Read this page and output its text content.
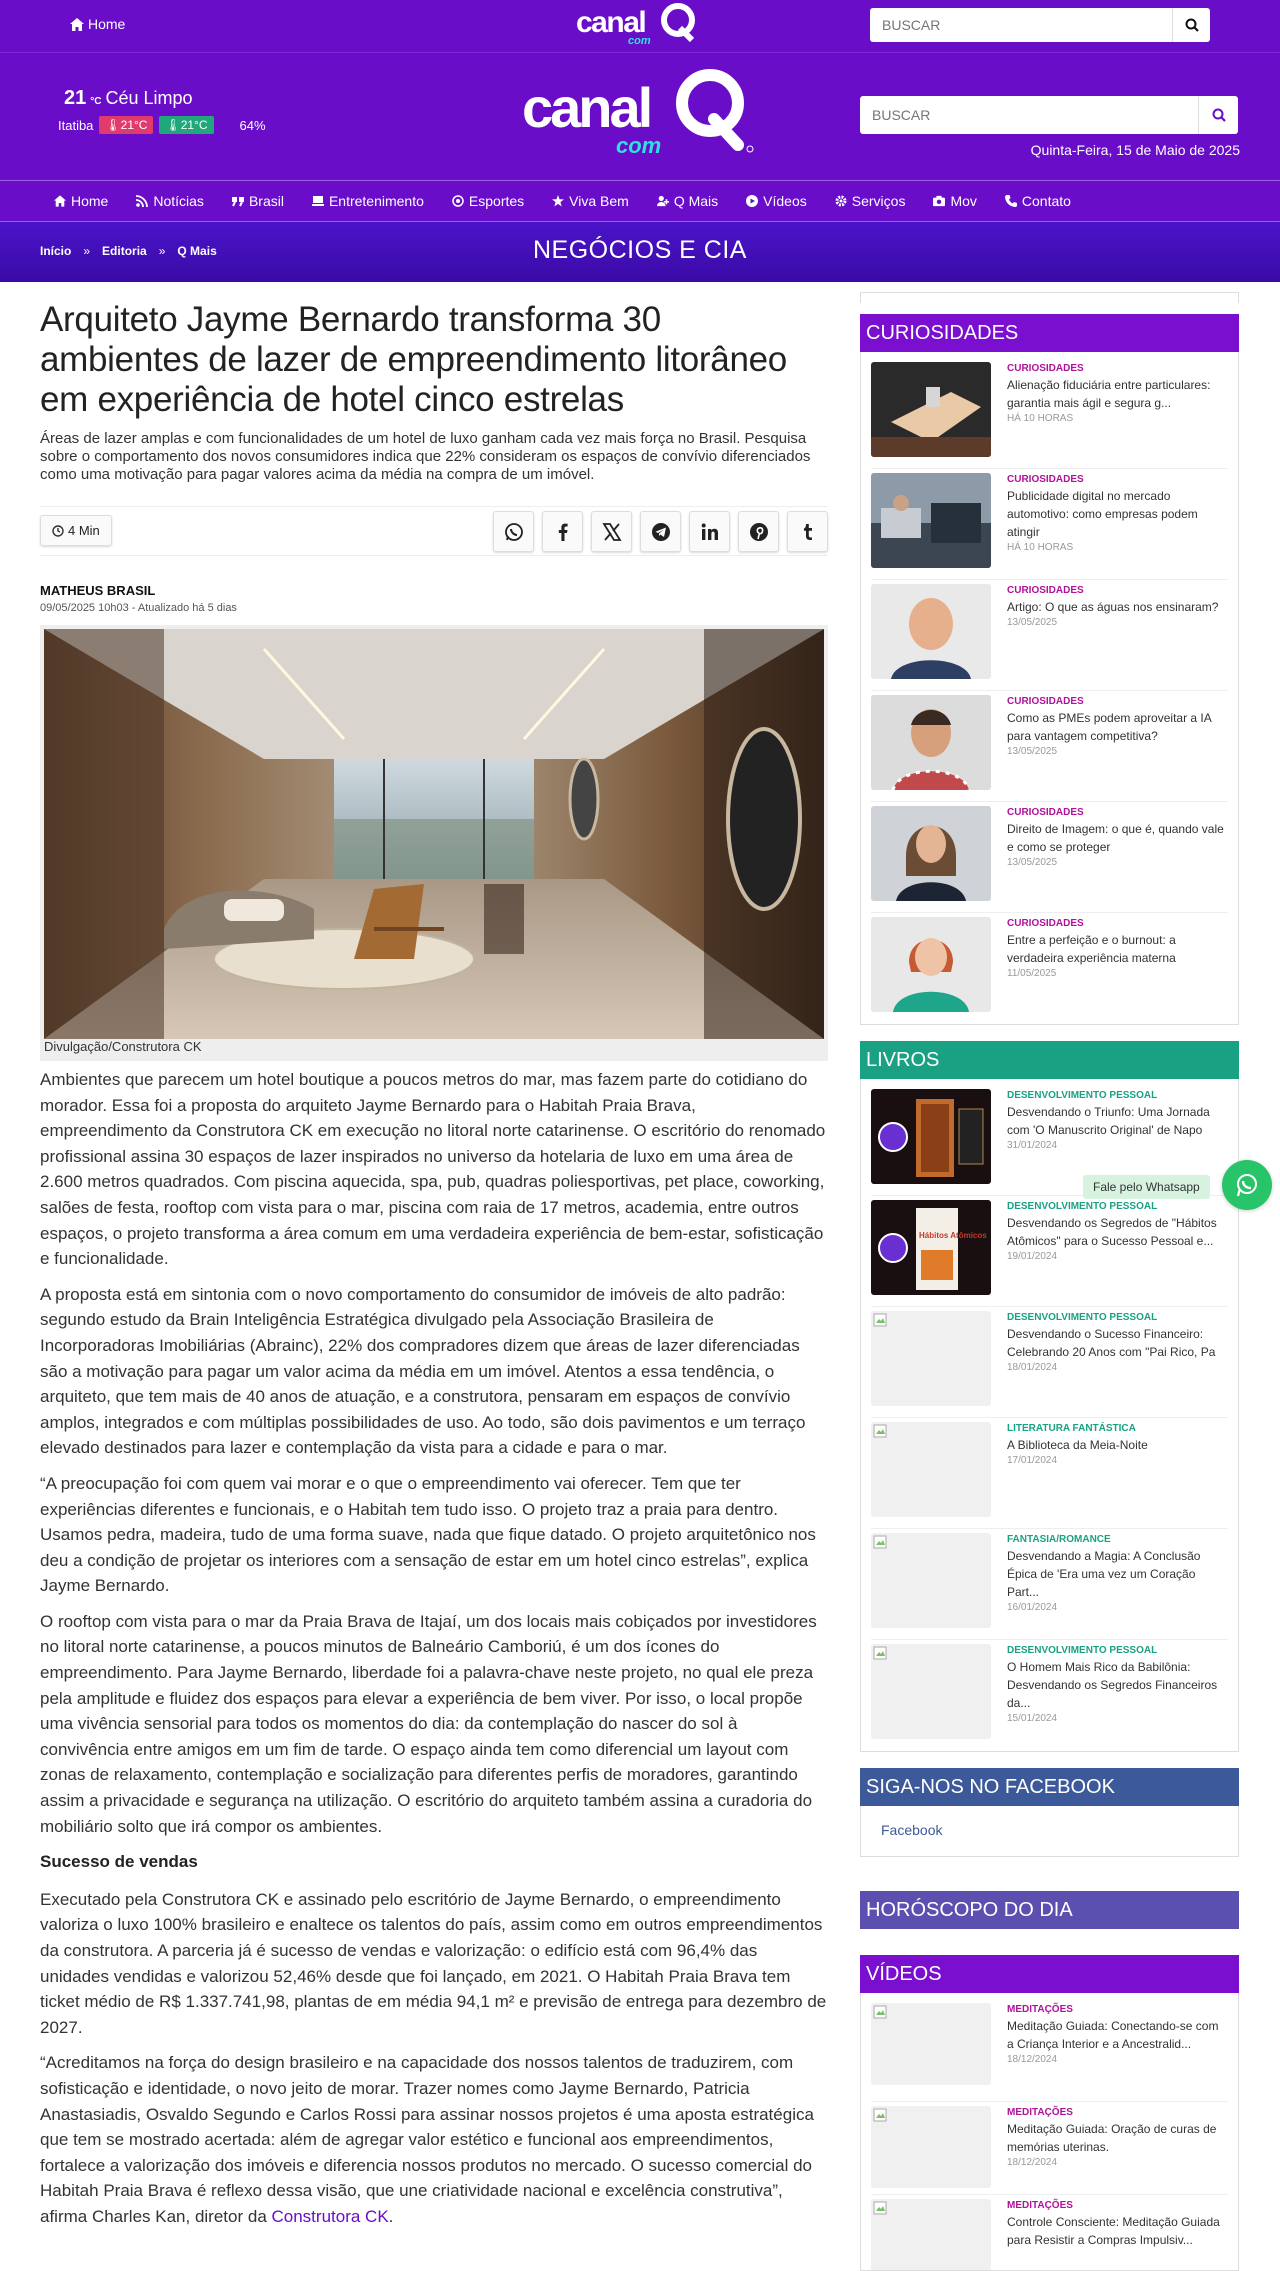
Home	canal
com
BUSCAR
21 °C Céu Limpo
Itatiba	🌡21°C	🌡21°C	64%	canal
com
BUSCAR	Quinta-Feira, 15 de Maio de 2025
Home	Notícias	Brasil	Entretenimento	Esportes	Viva Bem	Q Mais	Vídeos	Serviços	Mov	Contato
Início » Editoria » Q Mais	NEGÓCIOS E CIA
Arquiteto Jayme Bernardo transforma 30 ambientes de lazer de empreendimento litorâneo em experiência de hotel cinco estrelas

Áreas de lazer amplas e com funcionalidades de um hotel de luxo ganham cada vez mais força no Brasil. Pesquisa sobre o comportamento dos novos consumidores indica que 22% consideram os espaços de convívio diferenciados como uma motivação para pagar valores acima da média na compra de um imóvel.

4 Min
MATHEUS BRASIL
09/05/2025 10h03 - Atualizado há 5 dias
Divulgação/Construtora CK

Ambientes que parecem um hotel boutique a poucos metros do mar, mas fazem parte do cotidiano do morador. Essa foi a proposta do arquiteto Jayme Bernardo para o Habitah Praia Brava, empreendimento da Construtora CK em execução no litoral norte catarinense. O escritório do renomado profissional assina 30 espaços de lazer inspirados no universo da hotelaria de luxo em uma área de 2.600 metros quadrados. Com piscina aquecida, spa, pub, quadras poliesportivas, pet place, coworking, salões de festa, rooftop com vista para o mar, piscina com raia de 17 metros, academia, entre outros espaços, o projeto transforma a área comum em uma verdadeira experiência de bem-estar, sofisticação e funcionalidade.

A proposta está em sintonia com o novo comportamento do consumidor de imóveis de alto padrão: segundo estudo da Brain Inteligência Estratégica divulgado pela Associação Brasileira de Incorporadoras Imobiliárias (Abrainc), 22% dos compradores dizem que áreas de lazer diferenciadas são a motivação para pagar um valor acima da média em um imóvel. Atentos a essa tendência, o arquiteto, que tem mais de 40 anos de atuação, e a construtora, pensaram em espaços de convívio amplos, integrados e com múltiplas possibilidades de uso. Ao todo, são dois pavimentos e um terraço elevado destinados para lazer e contemplação da vista para a cidade e para o mar.

“A preocupação foi com quem vai morar e o que o empreendimento vai oferecer. Tem que ter experiências diferentes e funcionais, e o Habitah tem tudo isso. O projeto traz a praia para dentro. Usamos pedra, madeira, tudo de uma forma suave, nada que fique datado. O projeto arquitetônico nos deu a condição de projetar os interiores com a sensação de estar em um hotel cinco estrelas”, explica Jayme Bernardo.

O rooftop com vista para o mar da Praia Brava de Itajaí, um dos locais mais cobiçados por investidores no litoral norte catarinense, a poucos minutos de Balneário Camboriú, é um dos ícones do empreendimento. Para Jayme Bernardo, liberdade foi a palavra-chave neste projeto, no qual ele preza pela amplitude e fluidez dos espaços para elevar a experiência de bem viver. Por isso, o local propõe uma vivência sensorial para todos os momentos do dia: da contemplação do nascer do sol à convivência entre amigos em um fim de tarde. O espaço ainda tem como diferencial um layout com zonas de relaxamento, contemplação e socialização para diferentes perfis de moradores, garantindo assim a privacidade e segurança na utilização. O escritório do arquiteto também assina a curadoria do mobiliário solto que irá compor os ambientes.

Sucesso de vendas

Executado pela Construtora CK e assinado pelo escritório de Jayme Bernardo, o empreendimento valoriza o luxo 100% brasileiro e enaltece os talentos do país, assim como em outros empreendimentos da construtora. A parceria já é sucesso de vendas e valorização: o edifício está com 96,4% das unidades vendidas e valorizou 52,46% desde que foi lançado, em 2021. O Habitah Praia Brava tem ticket médio de R$ 1.337.741,98, plantas de em média 94,1 m² e previsão de entrega para dezembro de 2027.

“Acreditamos na força do design brasileiro e na capacidade dos nossos talentos de traduzirem, com sofisticação e identidade, o novo jeito de morar. Trazer nomes como Jayme Bernardo, Patricia Anastasiadis, Osvaldo Segundo e Carlos Rossi para assinar nossos projetos é uma aposta estratégica que tem se mostrado acertada: além de agregar valor estético e funcional aos empreendimentos, fortalece a valorização dos imóveis e diferencia nossos produtos no mercado. O sucesso comercial do Habitah Praia Brava é reflexo dessa visão, que une criatividade nacional e excelência construtiva”, afirma Charles Kan, diretor da Construtora CK.

CURIOSIDADES
CURIOSIDADES
Alienação fiduciária entre particulares: garantia mais ágil e segura g...
HÁ 10 HORAS
CURIOSIDADES
Publicidade digital no mercado automotivo: como empresas podem atingir
HÁ 10 HORAS
CURIOSIDADES
Artigo: O que as águas nos ensinaram?
13/05/2025
CURIOSIDADES
Como as PMEs podem aproveitar a IA para vantagem competitiva?
13/05/2025
CURIOSIDADES
Direito de Imagem: o que é, quando vale e como se proteger
13/05/2025
CURIOSIDADES
Entre a perfeição e o burnout: a verdadeira experiência materna
11/05/2025
LIVROS
DESENVOLVIMENTO PESSOAL
Desvendando o Triunfo: Uma Jornada com 'O Manuscrito Original' de Napo
31/01/2024
Hábitos Atômicos
DESENVOLVIMENTO PESSOAL
Desvendando os Segredos de "Hábitos Atômicos" para o Sucesso Pessoal e...
19/01/2024
DESENVOLVIMENTO PESSOAL
Desvendando o Sucesso Financeiro: Celebrando 20 Anos com "Pai Rico, Pa
18/01/2024
LITERATURA FANTÁSTICA
A Biblioteca da Meia-Noite
17/01/2024
FANTASIA/ROMANCE
Desvendando a Magia: A Conclusão Épica de 'Era uma vez um Coração Part...
16/01/2024
DESENVOLVIMENTO PESSOAL
O Homem Mais Rico da Babilônia: Desvendando os Segredos Financeiros da...
15/01/2024
SIGA-NOS NO FACEBOOK
Facebook
HORÓSCOPO DO DIA
VÍDEOS
MEDITAÇÕES
Meditação Guiada: Conectando-se com a Criança Interior e a Ancestralid...
18/12/2024
MEDITAÇÕES
Meditação Guiada: Oração de curas de memórias uterinas.
18/12/2024
MEDITAÇÕES
Controle Consciente: Meditação Guiada para Resistir a Compras Impulsiv...
Fale pelo Whatsapp
